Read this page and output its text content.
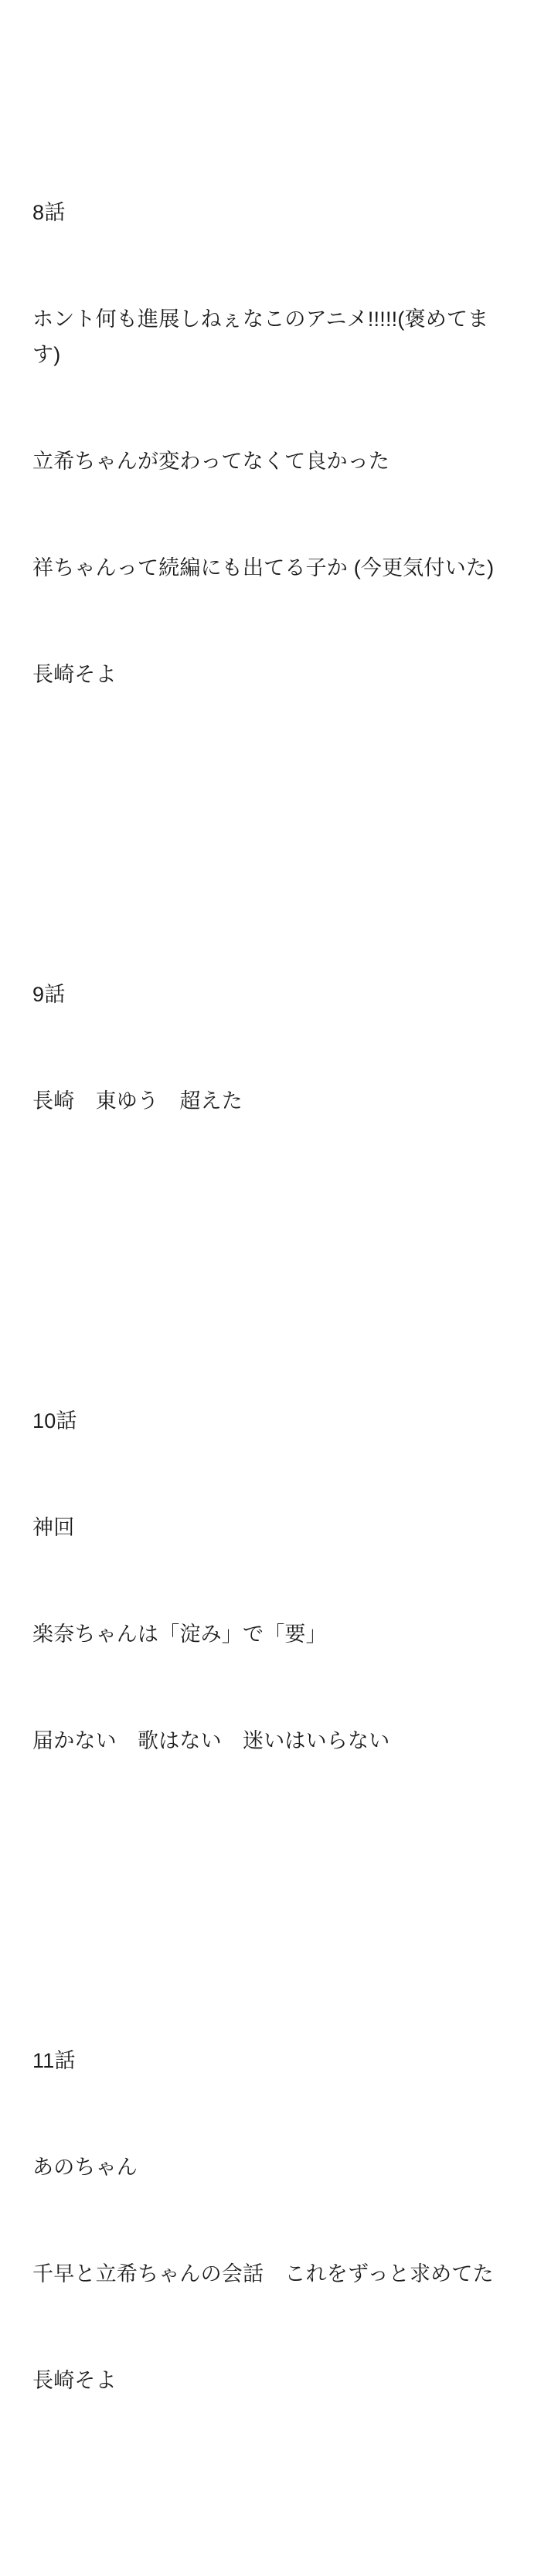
8話

ホント何も進展しねぇなこのアニメ!!!!!(褒めてます)

立希ちゃんが変わってなくて良かった

祥ちゃんって続編にも出てる子か (今更気付いた)

長崎そよ

9話

長崎　東ゆう　超えた

10話

神回

楽奈ちゃんは「淀み」で「要」

届かない　歌はない　迷いはいらない

11話

あのちゃん

千早と立希ちゃんの会話　これをずっと求めてた

長崎そよ
